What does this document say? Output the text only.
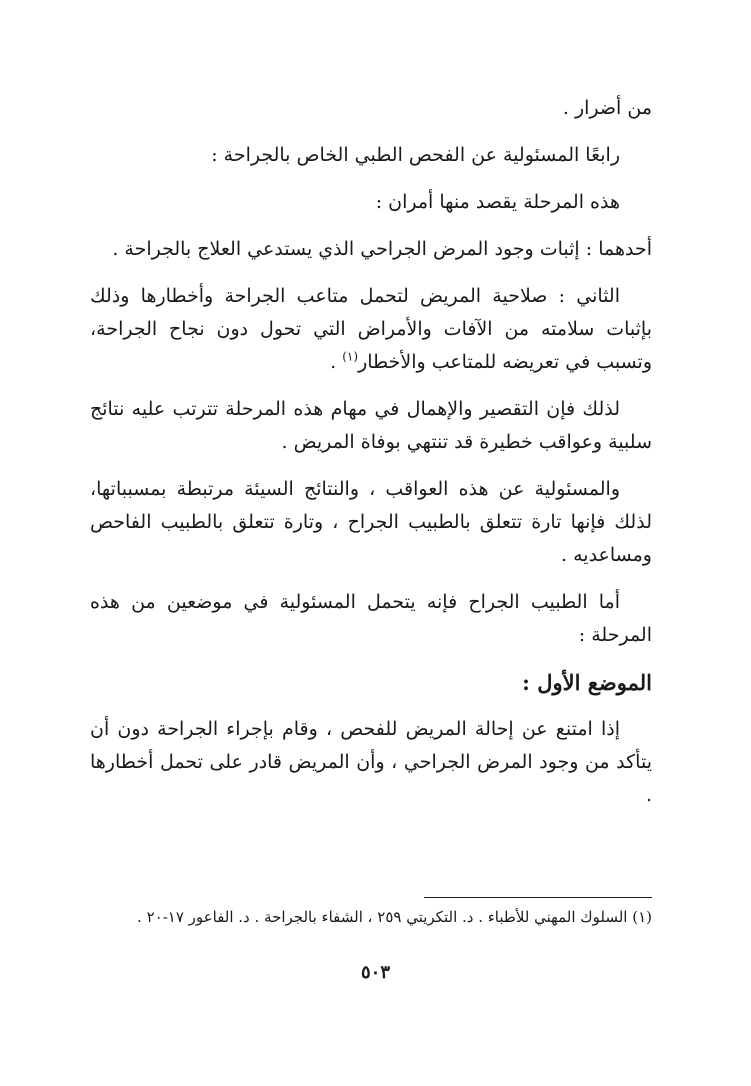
من أضرار .

رابعًا المسئولية عن الفحص الطبي الخاص بالجراحة :

هذه المرحلة يقصد منها أمران :

أحدهما : إثبات وجود المرض الجراحي الذي يستدعي العلاج بالجراحة .

الثاني : صلاحية المريض لتحمل متاعب الجراحة وأخطارها وذلك بإثبات سلامته من الآفات والأمراض التي تحول دون نجاح الجراحة، وتسبب في تعريضه للمتاعب والأخطار$^{(١)}$ .

لذلك فإن التقصير والإهمال في مهام هذه المرحلة تترتب عليه نتائج سلبية وعواقب خطيرة قد تنتهي بوفاة المريض .

والمسئولية عن هذه العواقب ، والنتائج السيئة مرتبطة بمسبباتها، لذلك فإنها تارة تتعلق بالطبيب الجراح ، وتارة تتعلق بالطبيب الفاحص ومساعديه .

أما الطبيب الجراح فإنه يتحمل المسئولية في موضعين من هذه المرحلة :

الموضع الأول :

إذا امتنع عن إحالة المريض للفحص ، وقام بإجراء الجراحة دون أن يتأكد من وجود المرض الجراحي ، وأن المريض قادر على تحمل أخطارها .

(١) السلوك المهني للأطباء . د. التكريتي ٢٥٩ ، الشفاء بالجراحة . د. الفاعور ١٧-٢٠ .
٥٠٣
